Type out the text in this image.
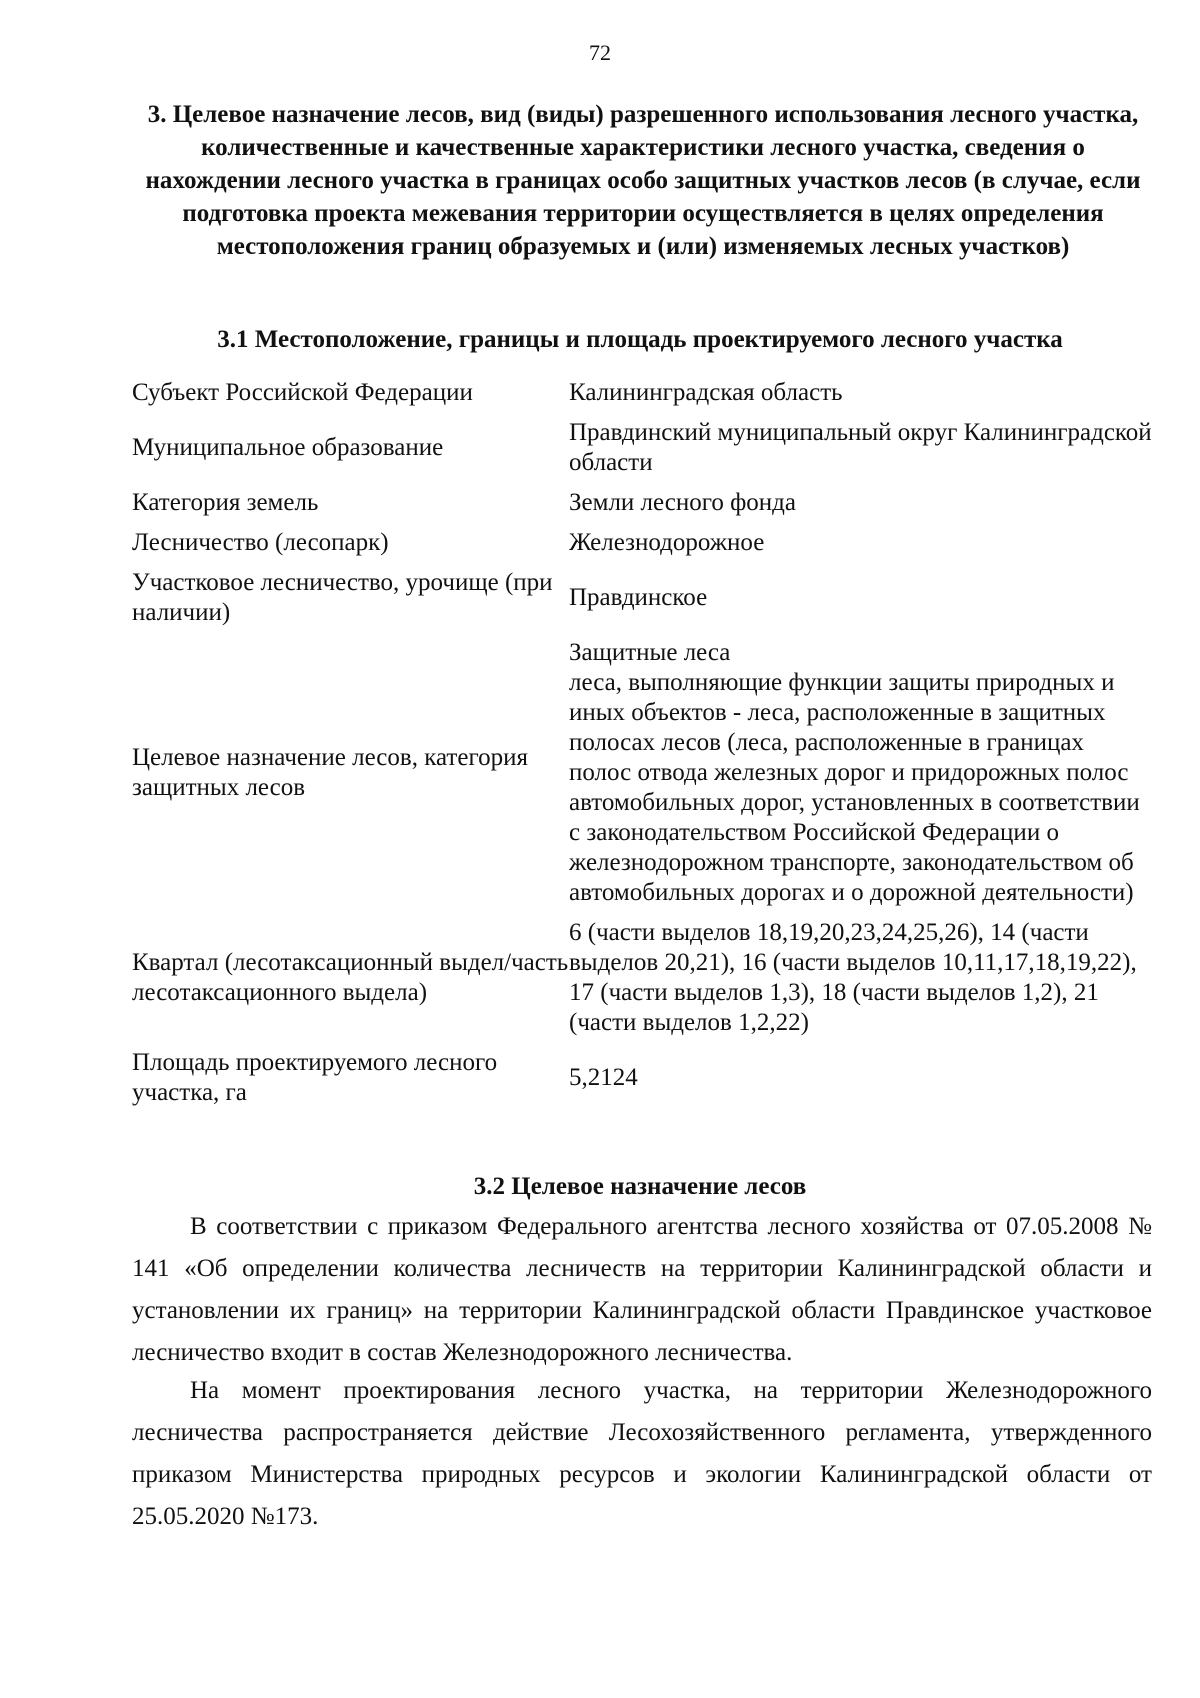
72
3. Целевое назначение лесов, вид (виды) разрешенного использования лесного участка, количественные и качественные характеристики лесного участка, сведения о нахождении лесного участка в границах особо защитных участков лесов (в случае, если подготовка проекта межевания территории осуществляется в целях определения местоположения границ образуемых и (или) изменяемых лесных участков)
3.1 Местоположение, границы и площадь проектируемого лесного участка
Субъект Российской Федерации	Калининградская область
Муниципальное образование	Правдинский муниципальный округ Калининградской области
Категория земель	Земли лесного фонда
Лесничество (лесопарк)	Железнодорожное
Участковое лесничество, урочище (при наличии)	Правдинское
Целевое назначение лесов, категория защитных лесов	Защитные леса
леса, выполняющие функции защиты природных и иных объектов - леса, расположенные в защитных полосах лесов (леса, расположенные в границах полос отвода железных дорог и придорожных полос автомобильных дорог, установленных в соответствии с законодательством Российской Федерации о железнодорожном транспорте, законодательством об автомобильных дорогах и о дорожной деятельности)

Квартал (лесотаксационный выдел/часть лесотаксационного выдела)	6 (части выделов 18,19,20,23,24,25,26), 14 (части выделов 20,21), 16 (части выделов 10,11,17,18,19,22), 17 (части выделов 1,3), 18 (части выделов 1,2), 21 (части выделов 1,2,22)
Площадь проектируемого лесного участка, га	5,2124
3.2 Целевое назначение лесов
В соответствии с приказом Федерального агентства лесного хозяйства от 07.05.2008 № 141 «Об определении количества лесничеств на территории Калининградской области и установлении их границ» на территории Калининградской области Правдинское участковое лесничество входит в состав Железнодорожного лесничества.
На момент проектирования лесного участка, на территории Железнодорожного лесничества распространяется действие Лесохозяйственного регламента, утвержденного приказом Министерства природных ресурсов и экологии Калининградской области от 25.05.2020 №173.
